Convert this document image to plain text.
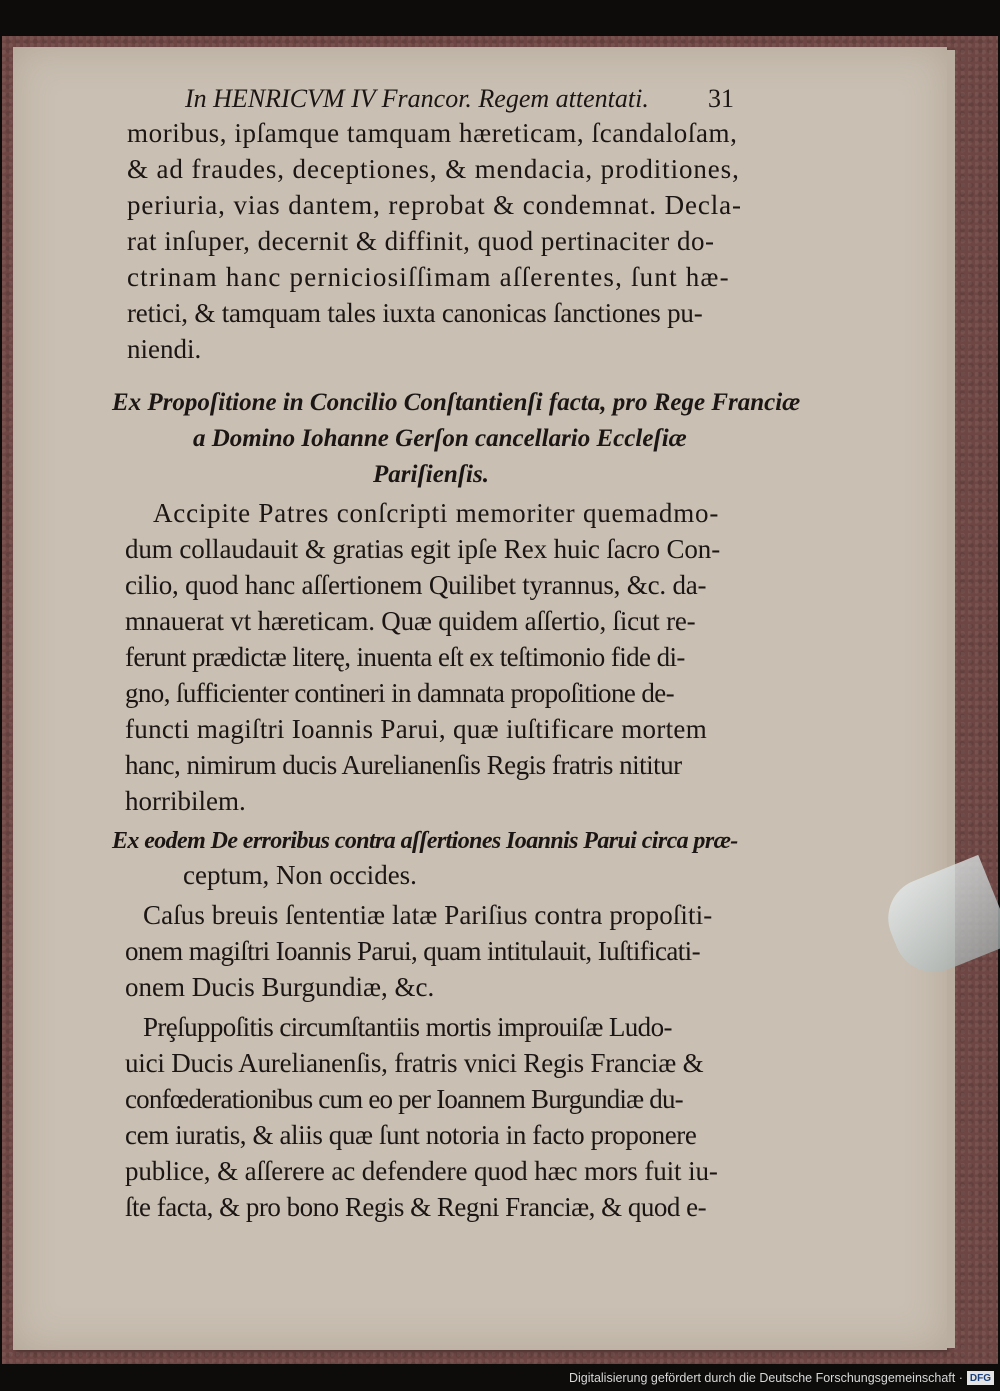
In HENRICVM IV Francor. Regem attentati. 31
moribus, ipſamque tamquam hæreticam, ſcandaloſam,
& ad fraudes, deceptiones, & mendacia, proditiones,
periuria, vias dantem, reprobat & condemnat. Decla-
rat inſuper, decernit & diffinit, quod pertinaciter do-
ctrinam hanc perniciosiſſimam aſſerentes, ſunt hæ-
retici, & tamquam tales iuxta canonicas ſanctiones pu-
niendi.
Ex Propoſitione in Concilio Conſtantienſi facta, pro Rege Franciæ
a Domino Iohanne Gerſon cancellario Eccleſiæ
Pariſienſis.
Accipite Patres conſcripti memoriter quemadmo-
dum collaudauit & gratias egit ipſe Rex huic ſacro Con-
cilio, quod hanc aſſertionem Quilibet tyrannus, &c. da-
mnauerat vt hæreticam. Quæ quidem aſſertio, ſicut re-
ferunt prædictæ literę, inuenta eſt ex teſtimonio fide di-
gno, ſufficienter contineri in damnata propoſitione de-
functi magiſtri Ioannis Parui, quæ iuſtificare mortem
hanc, nimirum ducis Aurelianenſis Regis fratris nititur
horribilem.
Ex eodem De erroribus contra aſſertiones Ioannis Parui circa præ-
ceptum, Non occides.
Caſus breuis ſententiæ latæ Pariſius contra propoſiti-
onem magiſtri Ioannis Parui, quam intitulauit, Iuſtificati-
onem Ducis Burgundiæ, &c.
Prȩſuppoſitis circumſtantiis mortis improuiſæ Ludo-
uici Ducis Aurelianenſis, fratris vnici Regis Franciæ &
confœderationibus cum eo per Ioannem Burgundiæ du-
cem iuratis, & aliis quæ ſunt notoria in facto proponere
publice, & aſſerere ac defendere quod hæc mors fuit iu-
ſte facta, & pro bono Regis & Regni Franciæ, & quod e-
Digitalisierung gefördert durch die Deutsche Forschungsgemeinschaft · DFG
